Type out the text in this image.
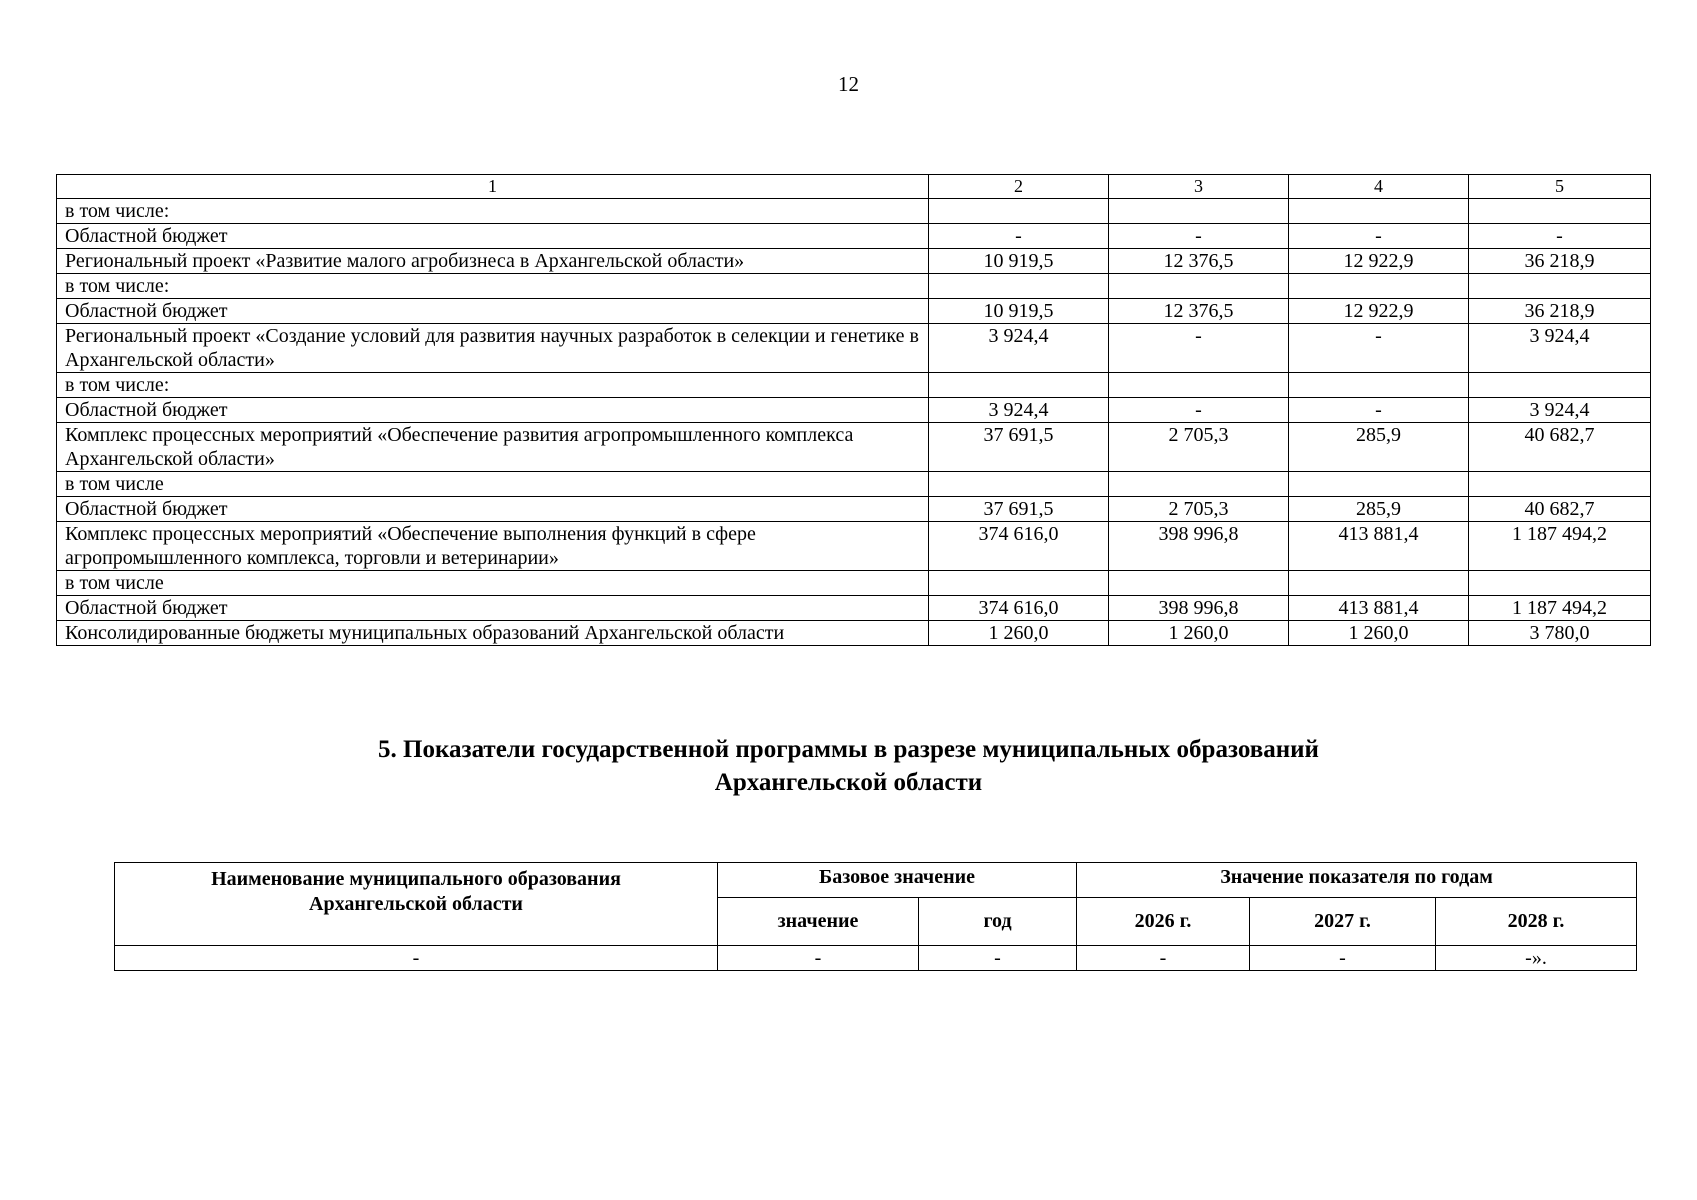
12
1	2	3	4	5
в том числе:				
Областной бюджет	-	-	-	-
Региональный проект «Развитие малого агробизнеса в Архангельской области»	10 919,5	12 376,5	12 922,9	36 218,9
в том числе:				
Областной бюджет	10 919,5	12 376,5	12 922,9	36 218,9
Региональный проект «Создание условий для развития научных разработок в селекции и генетике в Архангельской области»	3 924,4	-	-	3 924,4
в том числе:				
Областной бюджет	3 924,4	-	-	3 924,4
Комплекс процессных мероприятий «Обеспечение развития агропромышленного комплекса Архангельской области»	37 691,5	2 705,3	285,9	40 682,7
в том числе				
Областной бюджет	37 691,5	2 705,3	285,9	40 682,7
Комплекс процессных мероприятий «Обеспечение выполнения функций в сфере агропромышленного комплекса, торговли и ветеринарии»	374 616,0	398 996,8	413 881,4	1 187 494,2
в том числе				
Областной бюджет	374 616,0	398 996,8	413 881,4	1 187 494,2
Консолидированные бюджеты муниципальных образований Архангельской области	1 260,0	1 260,0	1 260,0	3 780,0
5. Показатели государственной программы в разрезе муниципальных образований
Архангельской области
Наименование муниципального образования
Архангельской области	Базовое значение		Значение показателя по годам		
	значение	год	2026 г.	2027 г.	2028 г.
-	-	-	-	-	-».
